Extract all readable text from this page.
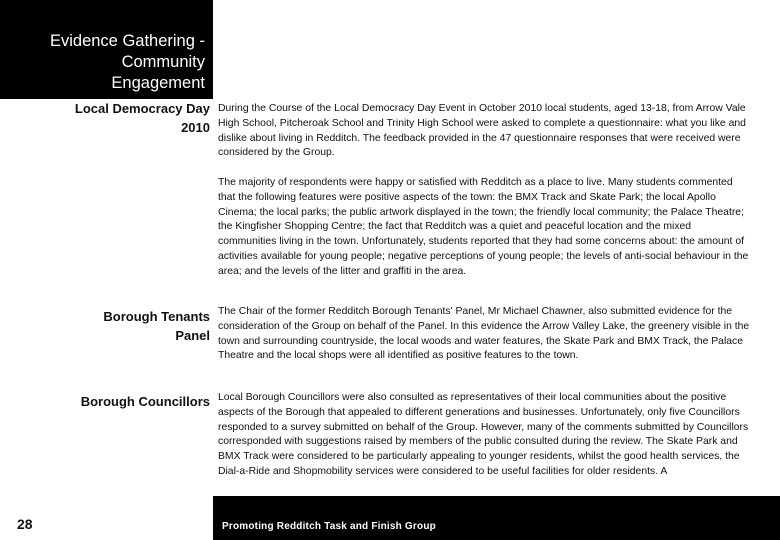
Evidence Gathering -
Community
Engagement
Local Democracy Day
2010

During the Course of the Local Democracy Day Event in October 2010 local students, aged 13-18, from Arrow Vale High School, Pitcheroak School and Trinity High School were asked to complete a questionnaire: what you like and dislike about living in Redditch. The feedback provided in the 47 questionnaire responses that were received were considered by the Group.

The majority of respondents were happy or satisfied with Redditch as a place to live. Many students commented that the following features were positive aspects of the town: the BMX Track and Skate Park; the local Apollo Cinema; the local parks; the public artwork displayed in the town; the friendly local community; the Palace Theatre; the Kingfisher Shopping Centre; the fact that Redditch was a quiet and peaceful location and the mixed communities living in the town. Unfortunately, students reported that they had some concerns about: the amount of activities available for young people; negative perceptions of young people; the levels of anti-social behaviour in the area; and the levels of the litter and graffiti in the area.

Borough Tenants
Panel

The Chair of the former Redditch Borough Tenants' Panel, Mr Michael Chawner, also submitted evidence for the consideration of the Group on behalf of the Panel. In this evidence the Arrow Valley Lake, the greenery visible in the town and surrounding countryside, the local woods and water features, the Skate Park and BMX Track, the Palace Theatre and the local shops were all identified as positive features to the town.

Borough Councillors Local Borough Councillors were also consulted as representatives of their local communities about the positive aspects of the Borough that appealed to different generations and businesses. Unfortunately, only five Councillors responded to a survey submitted on behalf of the Group. However, many of the comments submitted by Councillors corresponded with suggestions raised by members of the public consulted during the review. The Skate Park and BMX Track were considered to be particularly appealing to younger residents, whilst the good health services, the Dial-a-Ride and Shopmobility services were considered to be useful facilities for older residents. A

Promoting Redditch Task and Finish Group
28
